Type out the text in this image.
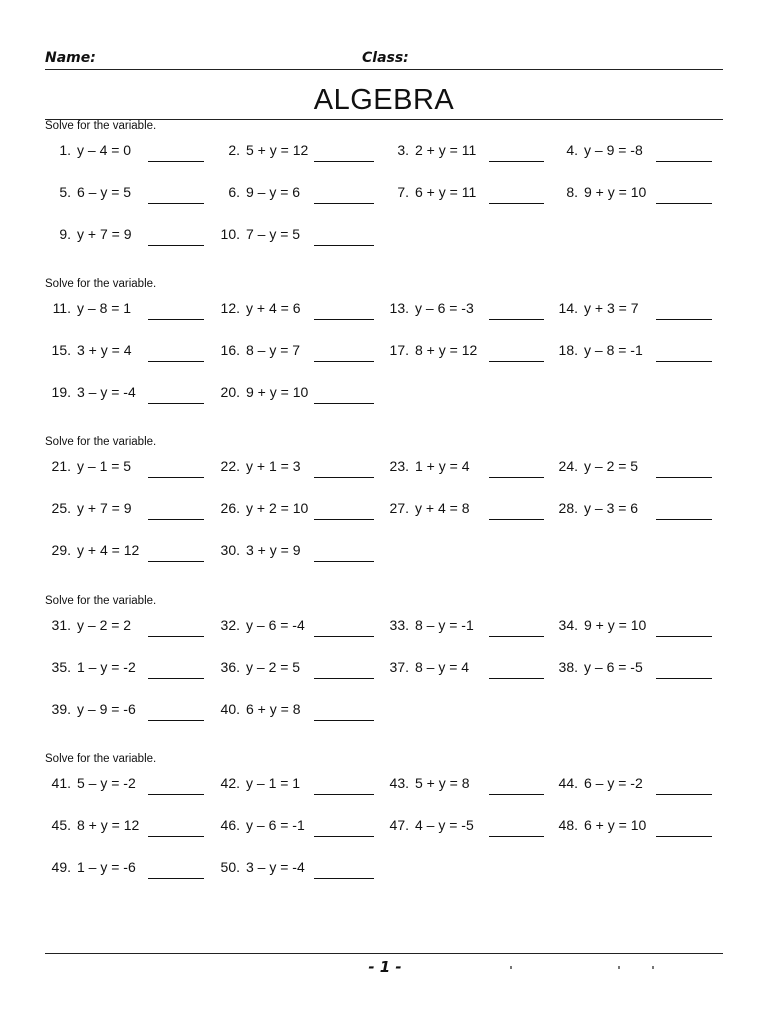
Name:	Class:
ALGEBRA
Solve for the variable.
1. y – 4 = 0	2. 5 + y = 12	3. 2 + y = 11	4. y – 9 = -8
5. 6 – y = 5	6. 9 – y = 6	7. 6 + y = 11	8. 9 + y = 10
9. y + 7 = 9	10. 7 – y = 5
Solve for the variable.
11. y – 8 = 1	12. y + 4 = 6	13. y – 6 = -3	14. y + 3 = 7
15. 3 + y = 4	16. 8 – y = 7	17. 8 + y = 12	18. y – 8 = -1
19. 3 – y = -4	20. 9 + y = 10
Solve for the variable.
21. y – 1 = 5	22. y + 1 = 3	23. 1 + y = 4	24. y – 2 = 5
25. y + 7 = 9	26. y + 2 = 10	27. y + 4 = 8	28. y – 3 = 6
29. y + 4 = 12	30. 3 + y = 9
Solve for the variable.
31. y – 2 = 2	32. y – 6 = -4	33. 8 – y = -1	34. 9 + y = 10
35. 1 – y = -2	36. y – 2 = 5	37. 8 – y = 4	38. y – 6 = -5
39. y – 9 = -6	40. 6 + y = 8
Solve for the variable.
41. 5 – y = -2	42. y – 1 = 1	43. 5 + y = 8	44. 6 – y = -2
45. 8 + y = 12	46. y – 6 = -1	47. 4 – y = -5	48. 6 + y = 10
49. 1 – y = -6	50. 3 – y = -4
- 1 -
